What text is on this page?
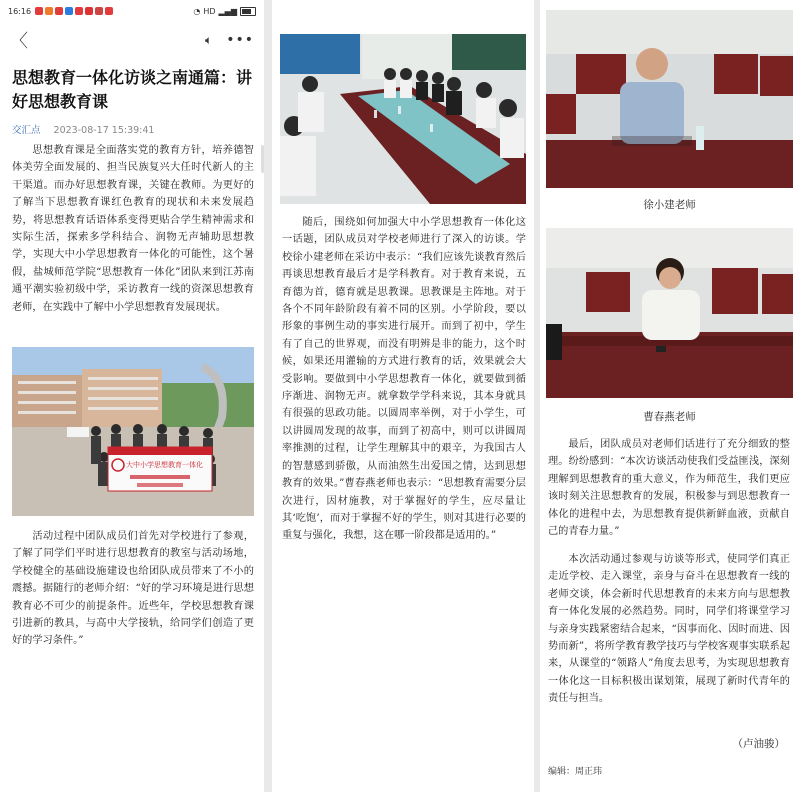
16:16	◔ HD ▂▄▆
〈	🔈︎ •••
思想教育一体化访谈之南通篇：讲好思想教育课
交汇点 2023-08-17 15:39:41
思想教育课是全面落实党的教育方针，培养德智体美劳全面发展的、担当民族复兴大任时代新人的主干渠道。而办好思想教育课，关键在教师。为更好的了解当下思想教育课红色教育的现状和未来发展趋势，将思想教育话语体系变得更贴合学生精神需求和实际生活，探索多学科结合、润物无声辅助思想教学，实现大中小学思想教育一体化的可能性，这个暑假，盐城师范学院“思想教育一体化”团队来到江苏南通平潮实验初级中学，采访教育一线的资深思想教育老师，在实践中了解中小学思想教育发展现状。
大中小学思想教育一体化
活动过程中团队成员们首先对学校进行了参观，了解了同学们平时进行思想教育的教室与活动场地，学校健全的基础设施建设也给团队成员带来了不小的震撼。据随行的老师介绍：“好的学习环境是进行思想教育必不可少的前提条件。近些年，学校思想教育课引进新的教具，与高中大学接轨，给同学们创造了更好的学习条件。”
随后，围绕如何加强大中小学思想教育一体化这一话题，团队成员对学校老师进行了深入的访谈。学校徐小建老师在采访中表示：“我们应该先谈教育然后再谈思想教育最后才是学科教育。对于教育来说，五育德为首，德育就是思教课。思教课是主阵地。对于各个不同年龄阶段有着不同的区别。小学阶段，要以形象的事例生动的事实进行展开。而到了初中，学生有了自己的世界观，而没有明辨是非的能力，这个时候，如果还用灌输的方式进行教育的话，效果就会大受影响。要做到中小学思想教育一体化，就要做到循序渐进、润物无声。就拿数学学科来说，其本身就具有很强的思政功能。以圆周率举例，对于小学生，可以讲圆周发现的故事，而到了初高中，则可以讲圆周率推测的过程，让学生理解其中的艰辛，为我国古人的智慧感到骄傲，从而油然生出爱国之情，达到思想教育的效果。”曹春燕老师也表示：“思想教育需要分层次进行，因材施教，对于掌握好的学生，应尽量让其‘吃饱’，而对于掌握不好的学生，则对其进行必要的重复与强化，我想，这在哪一阶段都是适用的。”
徐小建老师
曹春燕老师
最后，团队成员对老师们话进行了充分细致的整理。纷纷感到：“本次访谈活动使我们受益匪浅，深刻理解到思想教育的重大意义，作为师范生，我们更应该时刻关注思想教育的发展，积极参与到思想教育一体化的进程中去，为思想教育提供新鲜血液，贡献自己的青春力量。”
本次活动通过参观与访谈等形式，使同学们真正走近学校、走入课堂，亲身与奋斗在思想教育一线的老师交谈，体会新时代思想教育的未来方向与思想教育一体化发展的必然趋势。同时，同学们将课堂学习与亲身实践紧密结合起来，“因事而化、因时而进、因势而新”，将所学教育教学技巧与学校客观事实联系起来，从课堂的“领路人”角度去思考，为实现思想教育一体化这一目标积极出谋划策，展现了新时代青年的责任与担当。
（卢油骏）
编辑：周正玮
